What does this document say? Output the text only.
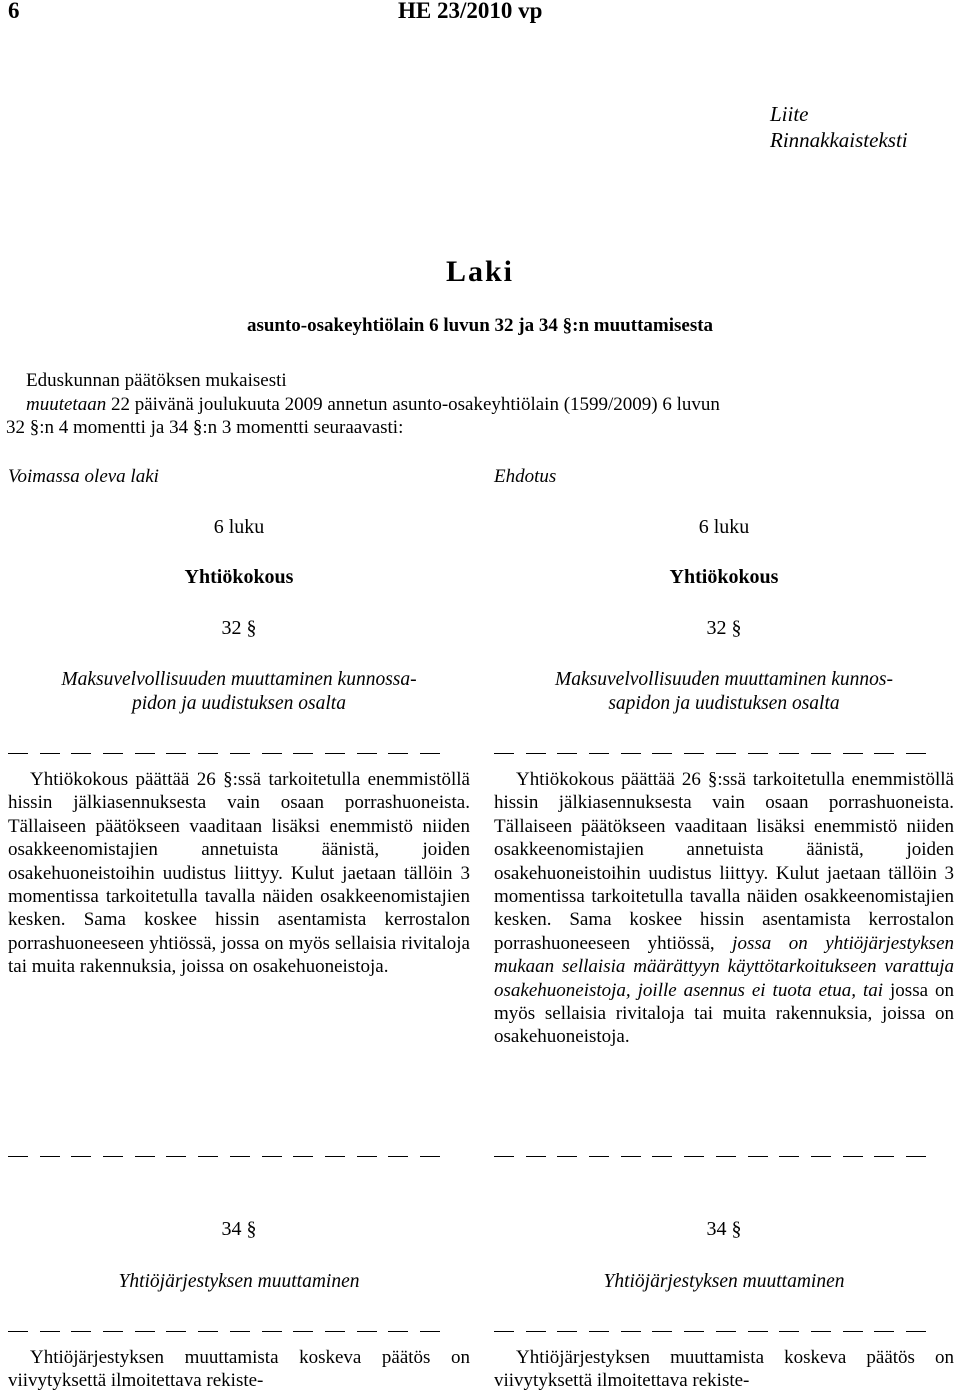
6	HE 23/2010 vp
Liite
Rinnakkaisteksti
Laki
asunto-osakeyhtiölain 6 luvun 32 ja 34 §:n muuttamisesta
Eduskunnan päätöksen mukaisesti
muutetaan 22 päivänä joulukuuta 2009 annetun asunto-osakeyhtiölain (1599/2009) 6 luvun
32 §:n 4 momentti ja 34 §:n 3 momentti seuraavasti:
Voimassa oleva laki
6 luku
Yhtiökokous
32 §
Maksuvelvollisuuden muuttaminen kunnossa-
pidon ja uudistuksen osalta

Yhtiökokous päättää 26 §:ssä tarkoitetulla enemmistöllä hissin jälkiasennuksesta vain osaan porrashuoneista. Tällaiseen päätökseen vaaditaan lisäksi enemmistö niiden osakkeenomistajien annetuista äänistä, joiden osakehuoneistoihin uudistus liittyy. Kulut jaetaan tällöin 3 momentissa tarkoitetulla tavalla näiden osakkeenomistajien kesken. Sama koskee hissin asentamista kerrostalon porrashuoneeseen yhtiössä, jossa on myös sellaisia rivitaloja tai muita rakennuksia, joissa on osakehuoneistoja.

34 §
Yhtiöjärjestyksen muuttaminen

Yhtiöjärjestyksen muuttamista koskeva päätös on viivytyksettä ilmoitettava rekiste-

Ehdotus
6 luku
Yhtiökokous
32 §
Maksuvelvollisuuden muuttaminen kunnos-
sapidon ja uudistuksen osalta

Yhtiökokous päättää 26 §:ssä tarkoitetulla enemmistöllä hissin jälkiasennuksesta vain osaan porrashuoneista. Tällaiseen päätökseen vaaditaan lisäksi enemmistö niiden osakkeenomistajien annetuista äänistä, joiden osakehuoneistoihin uudistus liittyy. Kulut jaetaan tällöin 3 momentissa tarkoitetulla tavalla näiden osakkeenomistajien kesken. Sama koskee hissin asentamista kerrostalon porrashuoneeseen yhtiössä, jossa on yhtiöjärjestyksen mukaan sellaisia määrättyyn käyttötarkoitukseen varattuja osakehuoneistoja, joille asennus ei tuota etua, tai jossa on myös sellaisia rivitaloja tai muita rakennuksia, joissa on osakehuoneistoja.

34 §
Yhtiöjärjestyksen muuttaminen

Yhtiöjärjestyksen muuttamista koskeva päätös on viivytyksettä ilmoitettava rekiste-
